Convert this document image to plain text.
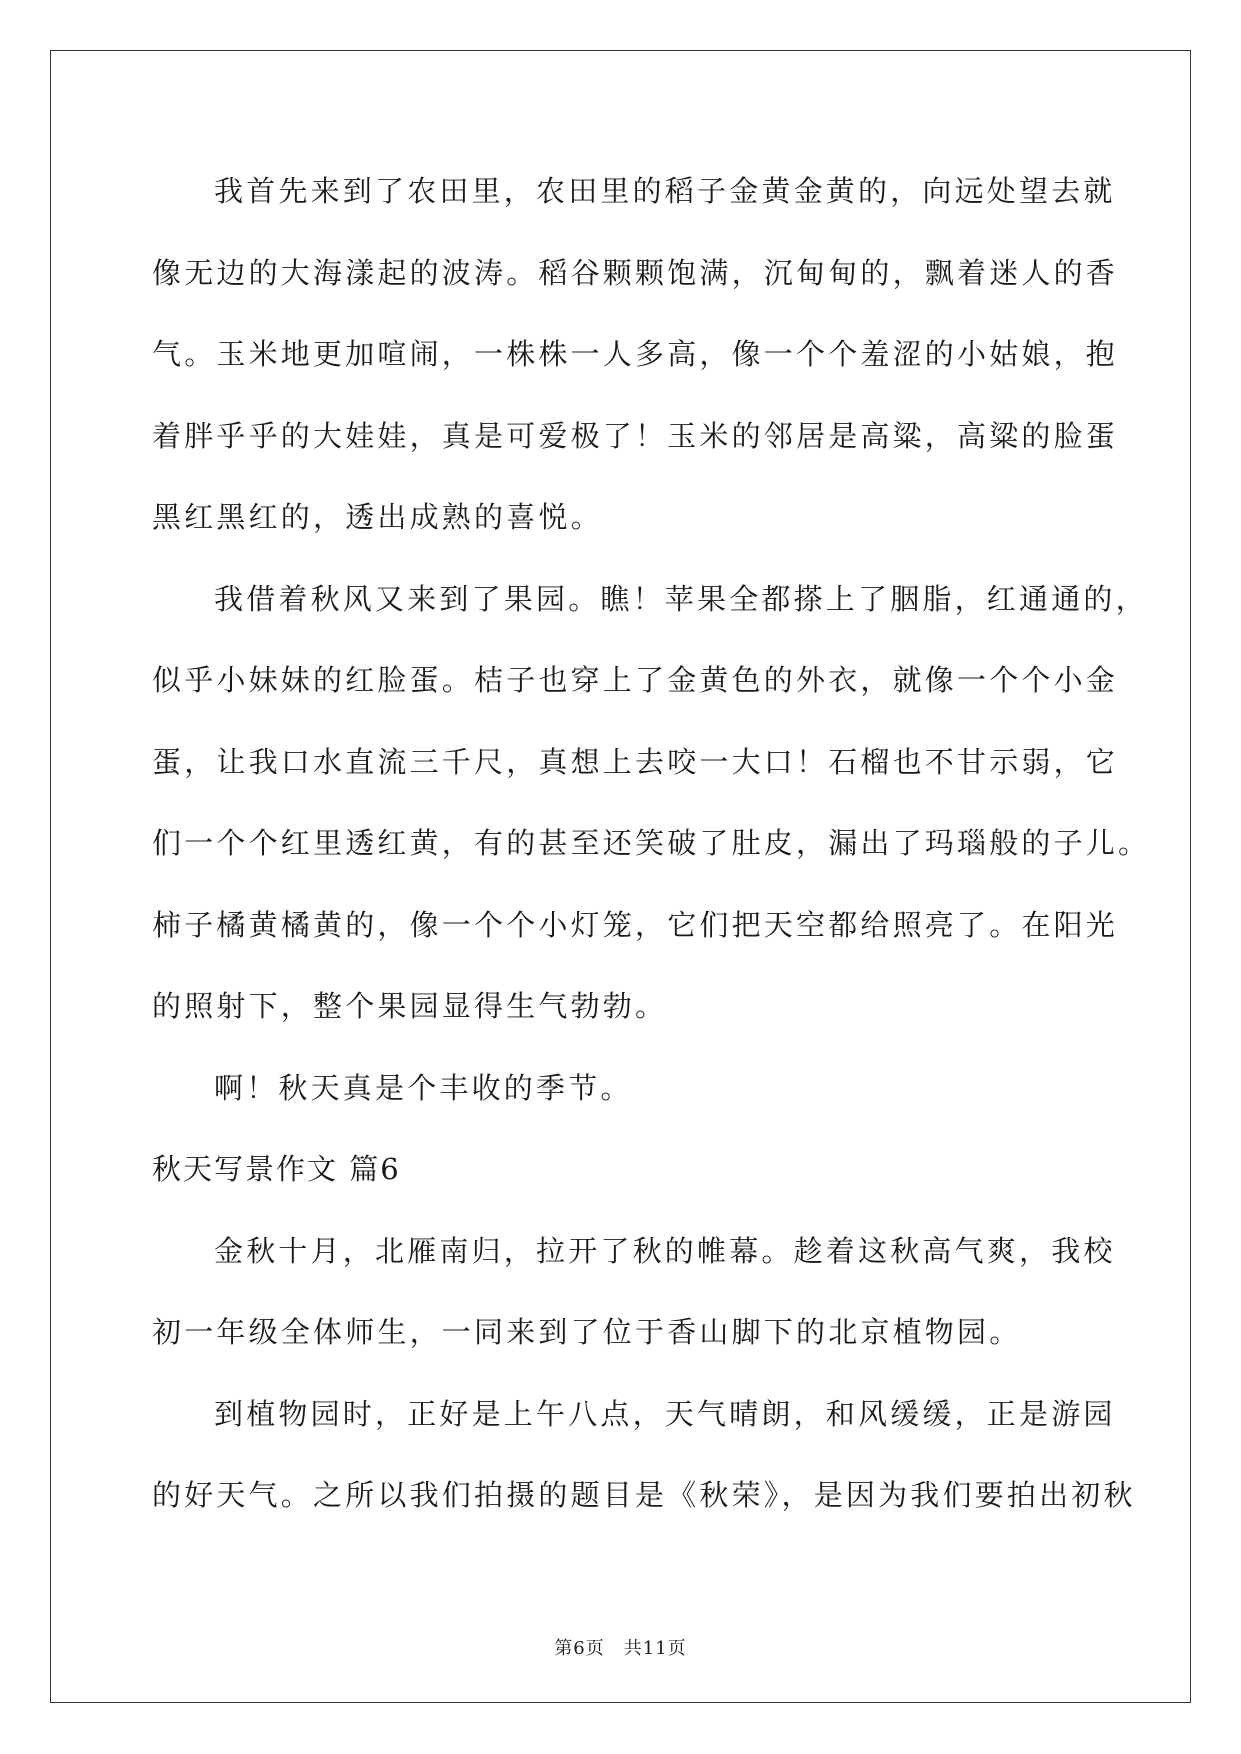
我首先来到了农田里，农田里的稻子金黄金黄的，向远处望去就
像无边的大海漾起的波涛。稻谷颗颗饱满，沉甸甸的，飘着迷人的香
气。玉米地更加喧闹，一株株一人多高，像一个个羞涩的小姑娘，抱
着胖乎乎的大娃娃，真是可爱极了！玉米的邻居是高粱，高粱的脸蛋
黑红黑红的，透出成熟的喜悦。
我借着秋风又来到了果园。瞧！苹果全都搽上了胭脂，红通通的，
似乎小妹妹的红脸蛋。桔子也穿上了金黄色的外衣，就像一个个小金
蛋，让我口水直流三千尺，真想上去咬一大口！石榴也不甘示弱，它
们一个个红里透红黄，有的甚至还笑破了肚皮，漏出了玛瑙般的子儿。
柿子橘黄橘黄的，像一个个小灯笼，它们把天空都给照亮了。在阳光
的照射下，整个果园显得生气勃勃。
啊！秋天真是个丰收的季节。
秋天写景作文 篇6
金秋十月，北雁南归，拉开了秋的帷幕。趁着这秋高气爽，我校
初一年级全体师生，一同来到了位于香山脚下的北京植物园。
到植物园时，正好是上午八点，天气晴朗，和风缓缓，正是游园
的好天气。之所以我们拍摄的题目是《秋荣》，是因为我们要拍出初秋
第6页　共11页
